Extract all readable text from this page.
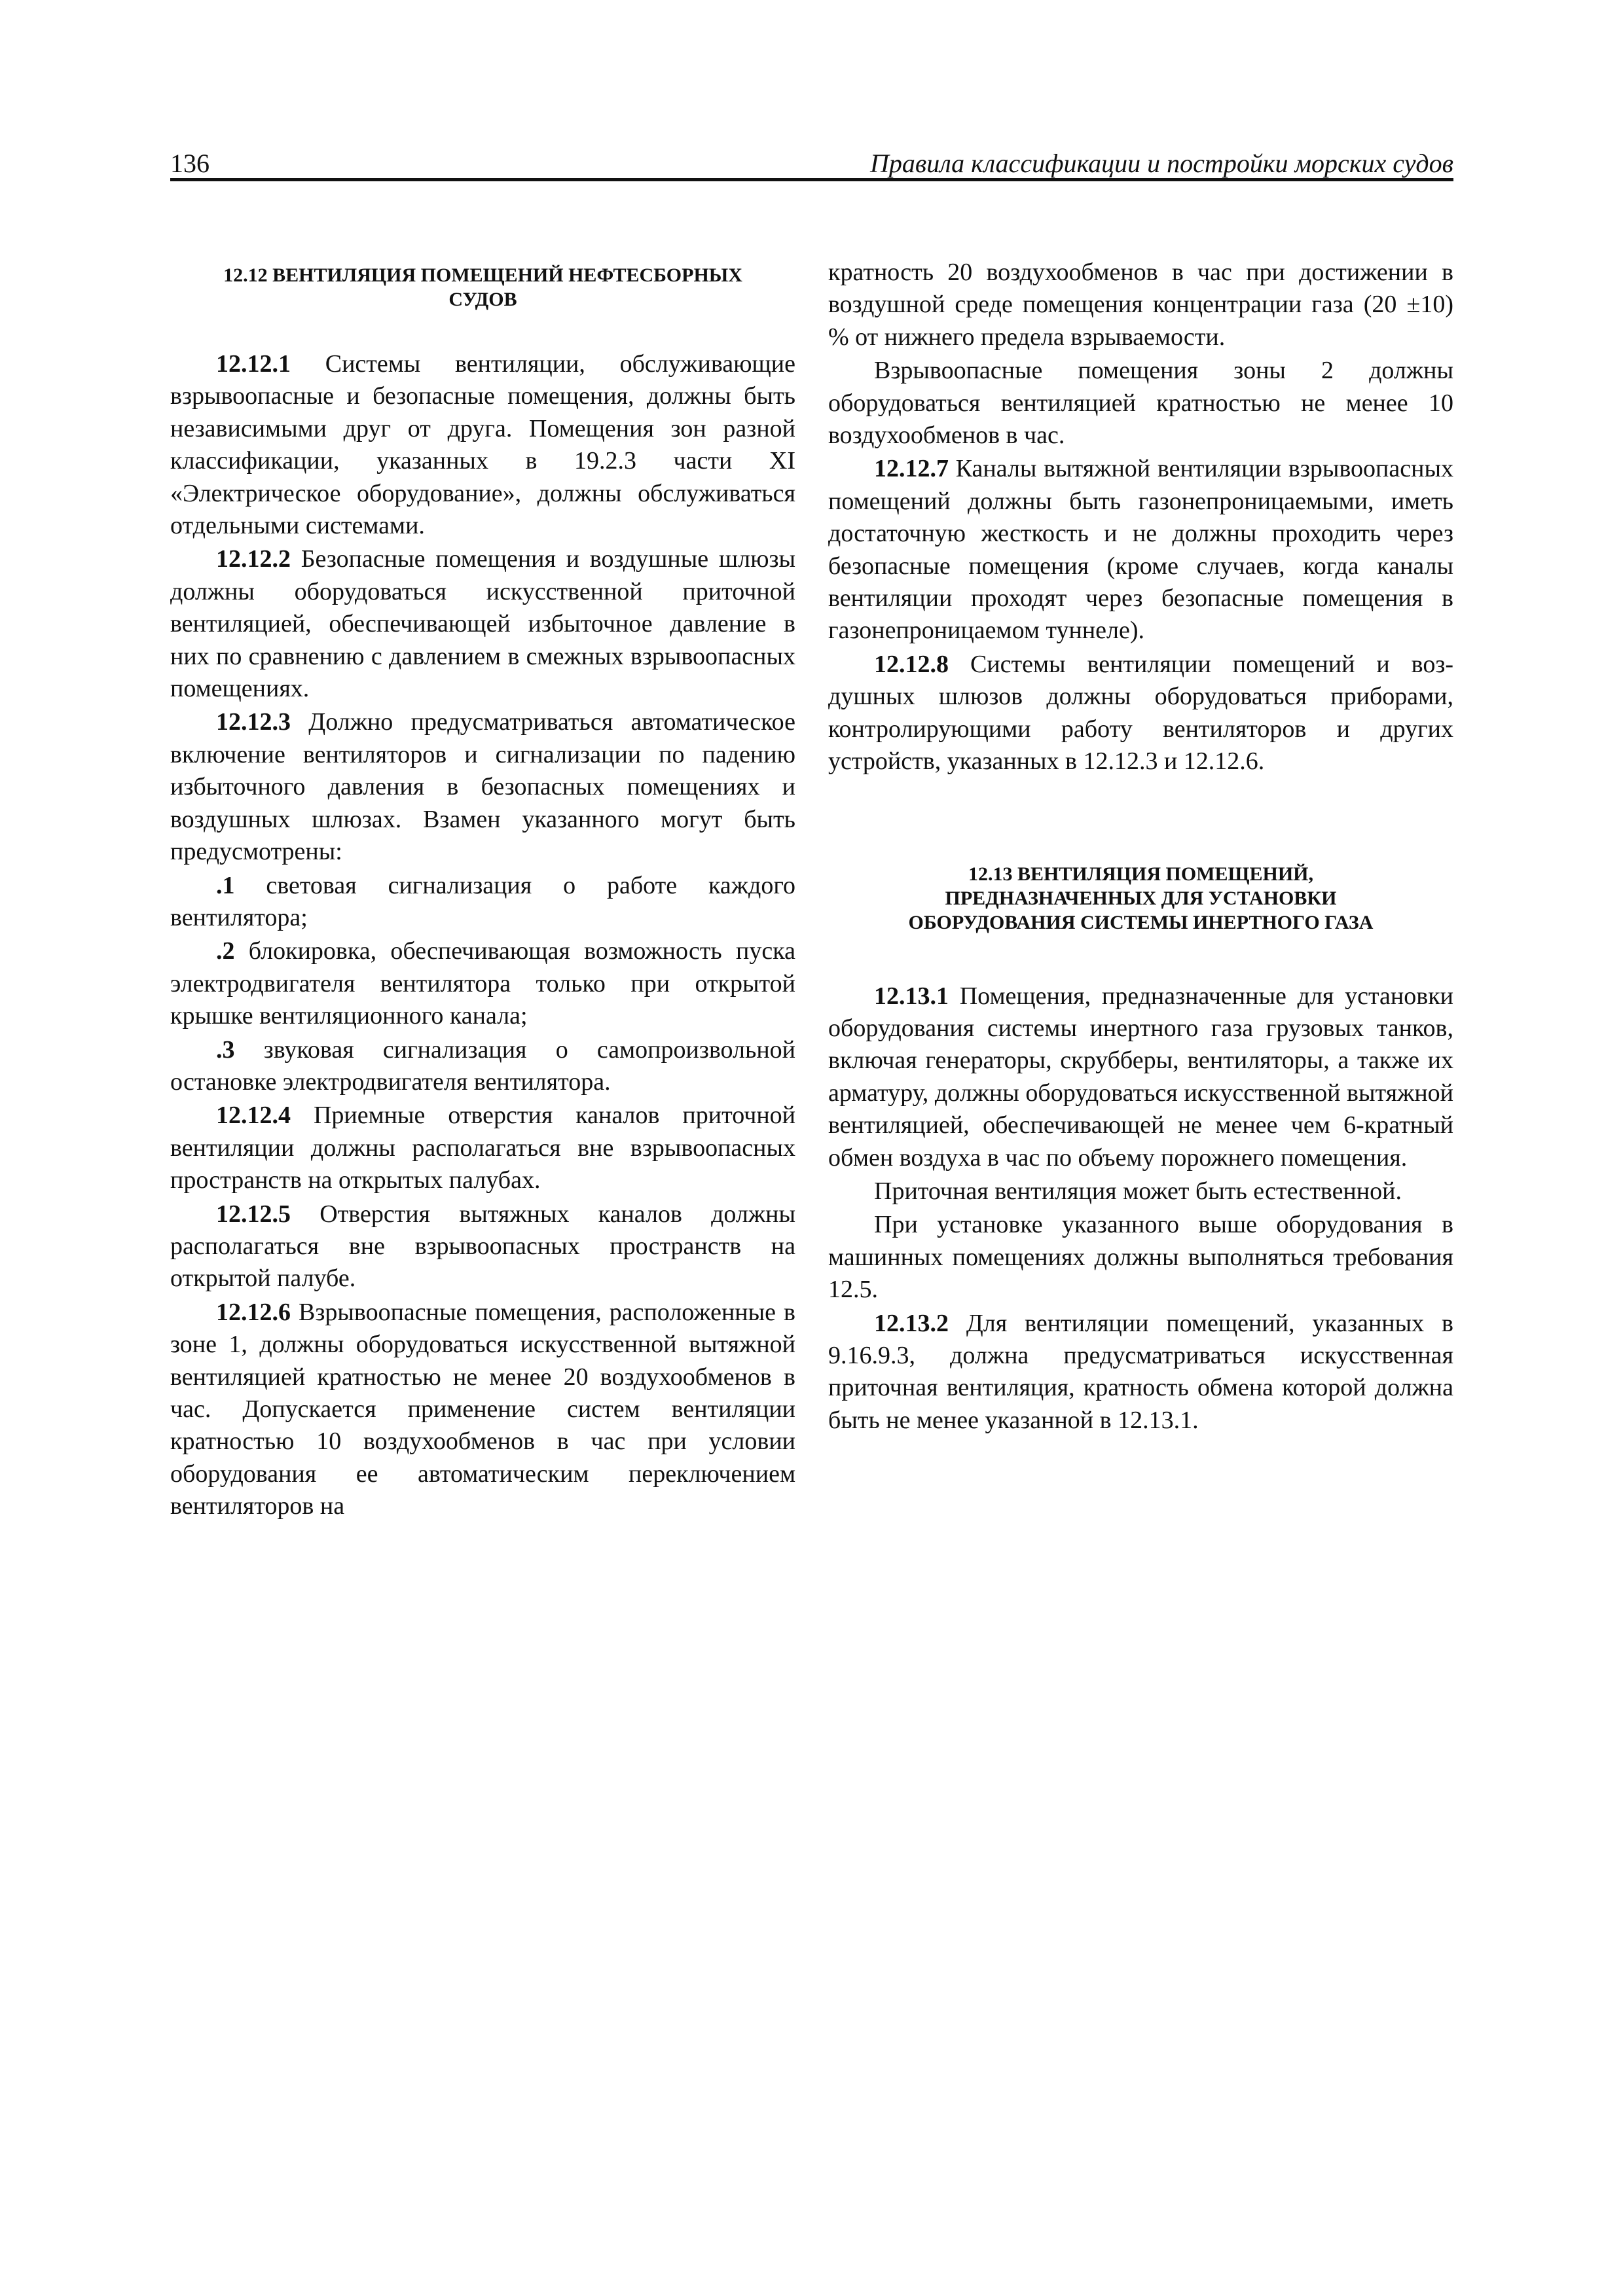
136	Правила классификации и постройки морских судов
12.12 ВЕНТИЛЯЦИЯ ПОМЕЩЕНИЙ НЕФТЕСБОРНЫХ СУДОВ

12.12.1 Системы вентиляции, обслуживающие взрывоопасные и безопасные помещения, должны быть независимыми друг от друга. Помещения зон разной классификации, указанных в 19.2.3 части XI «Электрическое оборудование», должны обслуживаться отдельными системами.

12.12.2 Безопасные помещения и воздушные шлюзы должны оборудоваться искусственной приточной вентиляцией, обеспечивающей избыточное давление в них по сравнению с давлением в смежных взрывоопасных помещениях.

12.12.3 Должно предусматриваться автоматическое включение вентиляторов и сигнализации по падению избыточного давления в безопасных помещениях и воздушных шлюзах. Взамен указанного могут быть предусмотрены:

.1 световая сигнализация о работе каждого вентилятора;

.2 блокировка, обеспечивающая возможность пуска электродвигателя вентилятора только при открытой крышке вентиляционного канала;

.3 звуковая сигнализация о самопроизвольной остановке электродвигателя вентилятора.

12.12.4 Приемные отверстия каналов приточной вентиляции должны располагаться вне взрывоопасных пространств на открытых палубах.

12.12.5 Отверстия вытяжных каналов должны располагаться вне взрывоопасных пространств на открытой палубе.

12.12.6 Взрывоопасные помещения, расположенные в зоне 1, должны оборудоваться искусственной вытяжной вентиляцией кратностью не менее 20 воздухообменов в час. Допускается применение систем вентиляции кратностью 10 воздухообменов в час при условии оборудования ее автоматическим переключением вентиляторов на

кратность 20 воздухообменов в час при достижении в воздушной среде помещения концентрации газа (20 ±10) % от нижнего предела взрываемости.

Взрывоопасные помещения зоны 2 должны оборудоваться вентиляцией кратностью не менее 10 воздухообменов в час.

12.12.7 Каналы вытяжной вентиляции взрывоопасных помещений должны быть газонепроницаемыми, иметь достаточную жесткость и не должны проходить через безопасные помещения (кроме случаев, когда каналы вентиляции проходят через безопасные помещения в газонепроницаемом туннеле).

12.12.8 Системы вентиляции помещений и воздушных шлюзов должны оборудоваться приборами, контролирующими работу вентиляторов и других устройств, указанных в 12.12.3 и 12.12.6.

12.13 ВЕНТИЛЯЦИЯ ПОМЕЩЕНИЙ, ПРЕДНАЗНАЧЕННЫХ ДЛЯ УСТАНОВКИ ОБОРУДОВАНИЯ СИСТЕМЫ ИНЕРТНОГО ГАЗА

12.13.1 Помещения, предназначенные для установки оборудования системы инертного газа грузовых танков, включая генераторы, скрубберы, вентиляторы, а также их арматуру, должны оборудоваться искусственной вытяжной вентиляцией, обеспечивающей не менее чем 6-кратный обмен воздуха в час по объему порожнего помещения.

Приточная вентиляция может быть естественной.

При установке указанного выше оборудования в машинных помещениях должны выполняться требования 12.5.

12.13.2 Для вентиляции помещений, указанных в 9.16.9.3, должна предусматриваться искусственная приточная вентиляция, кратность обмена которой должна быть не менее указанной в 12.13.1.
